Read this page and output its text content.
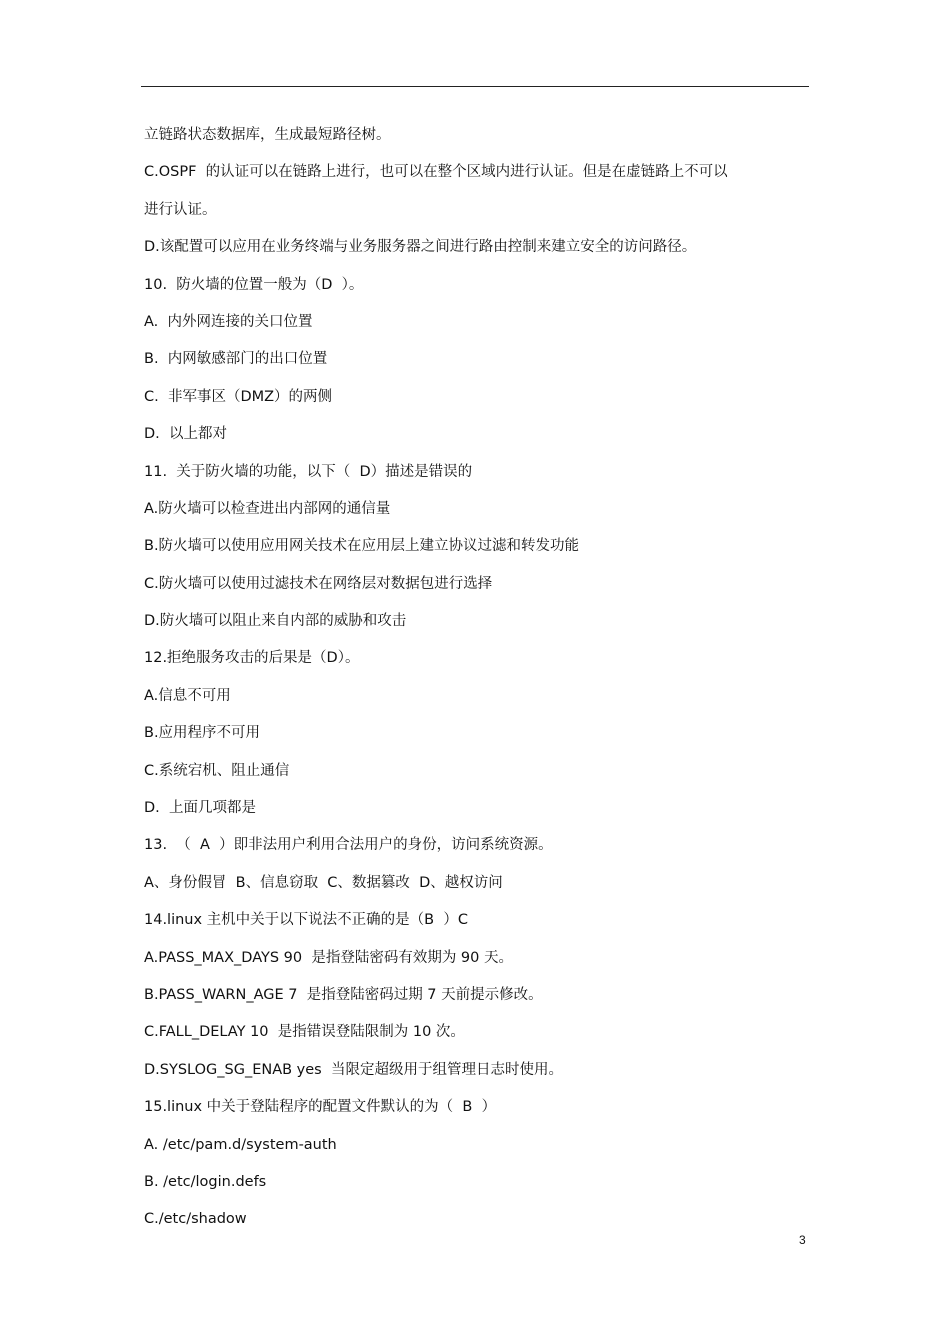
立链路状态数据库，生成最短路径树。
C.OSPF  的认证可以在链路上进行，也可以在整个区域内进行认证。但是在虚链路上不可以
进行认证。
D.该配置可以应用在业务终端与业务服务器之间进行路由控制来建立安全的访问路径。
10.  防火墙的位置一般为（D  ）。
A.  内外网连接的关口位置
B.  内网敏感部门的出口位置
C.  非军事区（DMZ）的两侧
D.  以上都对
11.  关于防火墙的功能，以下（  D）描述是错误的
A.防火墙可以检查进出内部网的通信量
B.防火墙可以使用应用网关技术在应用层上建立协议过滤和转发功能
C.防火墙可以使用过滤技术在网络层对数据包进行选择
D.防火墙可以阻止来自内部的威胁和攻击
12.拒绝服务攻击的后果是（D）。
A.信息不可用
B.应用程序不可用
C.系统宕机、阻止通信
D.  上面几项都是
13.  （  A  ）即非法用户利用合法用户的身份，访问系统资源。
A、身份假冒  B、信息窃取  C、数据篡改  D、越权访问
14.linux 主机中关于以下说法不正确的是（B  ）C
A.PASS_MAX_DAYS 90  是指登陆密码有效期为 90 天。
B.PASS_WARN_AGE 7  是指登陆密码过期 7 天前提示修改。
C.FALL_DELAY 10  是指错误登陆限制为 10 次。
D.SYSLOG_SG_ENAB yes  当限定超级用于组管理日志时使用。
15.linux 中关于登陆程序的配置文件默认的为（  B  ）
A. /etc/pam.d/system-auth
B. /etc/login.defs
C./etc/shadow
3
